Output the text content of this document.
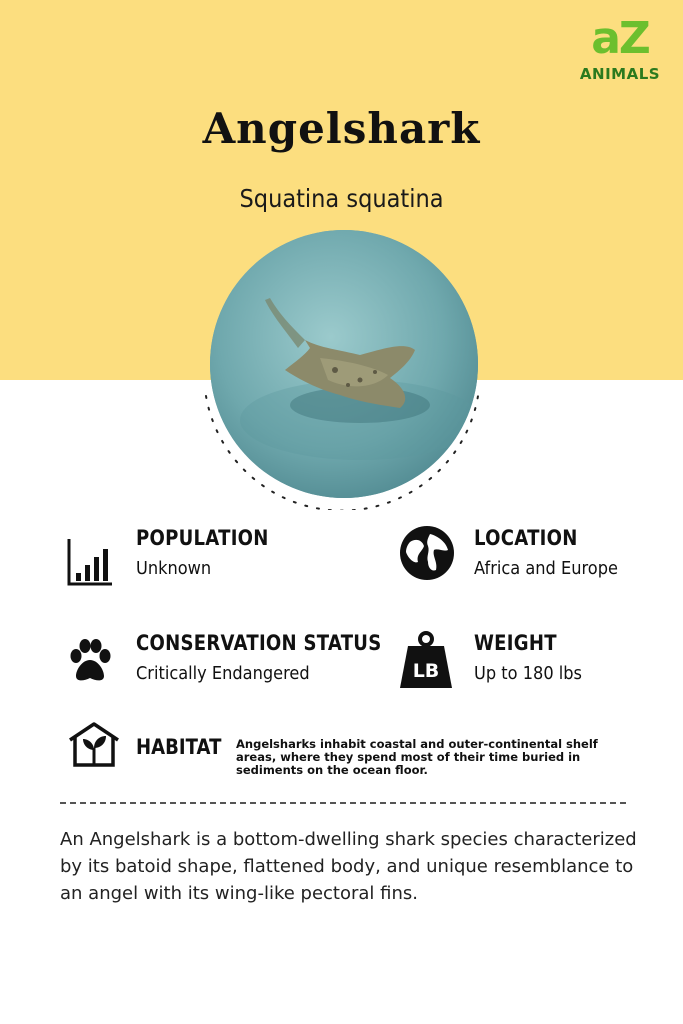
aZ
ANIMALS
Angelshark
Squatina squatina
POPULATION
Unknown
LOCATION
Africa and Europe
CONSERVATION STATUS
Critically Endangered	LB
WEIGHT
Up to 180 lbs
HABITAT Angelsharks inhabit coastal and outer-continental shelf areas, where they spend most of their time buried in sediments on the ocean floor.
An Angelshark is a bottom-dwelling shark species characterized by its batoid shape, flattened body, and unique resemblance to an angel with its wing-like pectoral fins.
